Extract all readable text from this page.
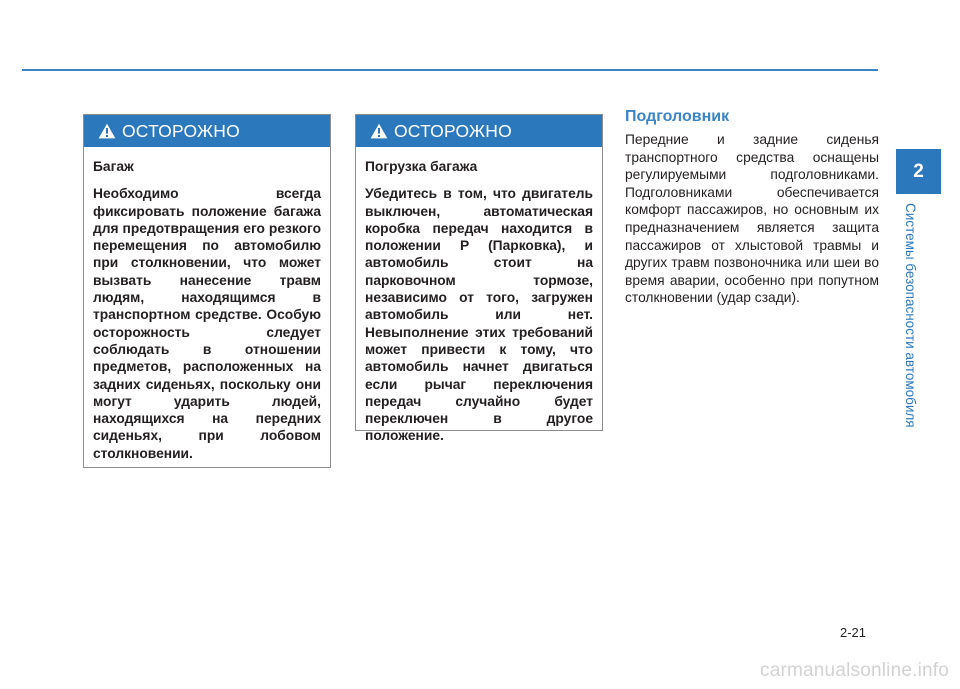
ОСТОРОЖНО
Багаж
Необходимо всегда фиксировать положение багажа для предотвращения его резкого перемещения по автомобилю при столкновении, что может вызвать нанесение травм людям, находящимся в транспортном средстве. Особую осторожность следует соблюдать в отношении предметов, расположенных на задних сиденьях, поскольку они могут ударить людей, находящихся на передних сиденьях, при лобовом столкновении.
ОСТОРОЖНО
Погрузка багажа
Убедитесь в том, что двигатель выключен, автоматическая коробка передач находится в положении P (Парковка), и автомобиль стоит на парковочном тормозе, независимо от того, загружен автомобиль или нет. Невыполнение этих требований может привести к тому, что автомобиль начнет двигаться если рычаг переключения передач случайно будет переключен в другое положение.
Подголовник
Передние и задние сиденья транспортного средства оснащены регулируемыми подголовниками. Подголовниками обеспечивается комфорт пассажиров, но основным их предназначением является защита пассажиров от хлыстовой травмы и других травм позвоночника или шеи во время аварии, особенно при попутном столкновении (удар сзади).
2
Системы безопасности автомобиля
2-21
carmanualsonline.info
